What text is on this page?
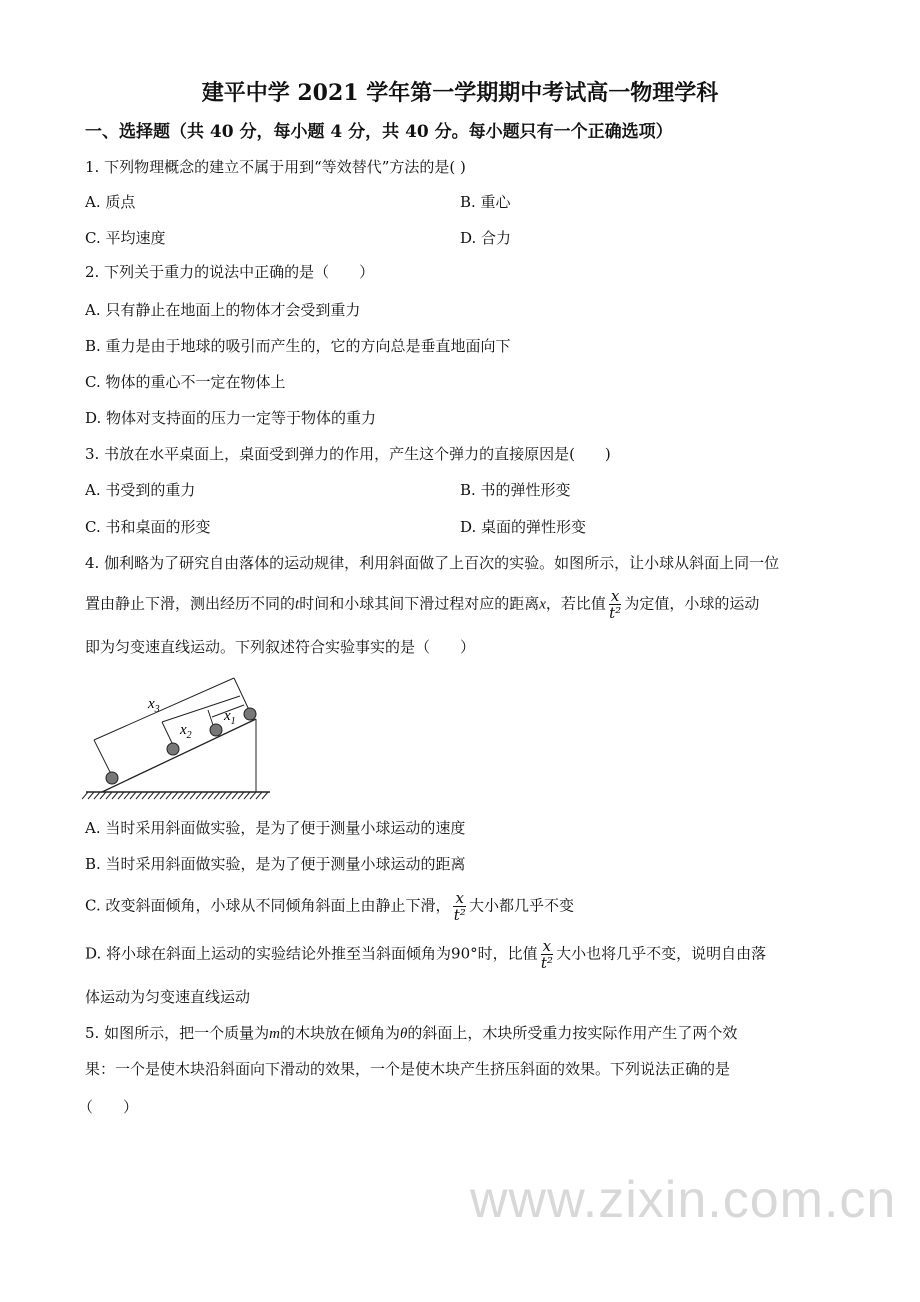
建平中学 2021 学年第一学期期中考试高一物理学科
一、选择题（共 40 分，每小题 4 分，共 40 分。每小题只有一个正确选项）
1. 下列物理概念的建立不属于用到“等效替代”方法的是( )
A. 质点	B. 重心
C. 平均速度	D. 合力
2. 下列关于重力的说法中正确的是（　　）
A. 只有静止在地面上的物体才会受到重力
B. 重力是由于地球的吸引而产生的，它的方向总是垂直地面向下
C. 物体的重心不一定在物体上
D. 物体对支持面的压力一定等于物体的重力
3. 书放在水平桌面上，桌面受到弹力的作用，产生这个弹力的直接原因是(　　)
A. 书受到的重力	B. 书的弹性形变
C. 书和桌面的形变	D. 桌面的弹性形变
4. 伽利略为了研究自由落体的运动规律，利用斜面做了上百次的实验。如图所示，让小球从斜面上同一位
置由静止下滑，测出经历不同的t时间和小球其间下滑过程对应的距离x，若比值 $\frac{x}{\text{t²}}$ 为定值，小球的运动
即为匀变速直线运动。下列叙述符合实验事实的是（　　）
$x_3$
$x_2$
$x_1$
A. 当时采用斜面做实验，是为了便于测量小球运动的速度
B. 当时采用斜面做实验，是为了便于测量小球运动的距离
C. 改变斜面倾角，小球从不同倾角斜面上由静止下滑， $\frac{x}{\text{t²}}$ 大小都几乎不变
D. 将小球在斜面上运动的实验结论外推至当斜面倾角为90°时，比值 $\frac{x}{\text{t²}}$ 大小也将几乎不变，说明自由落
体运动为匀变速直线运动
5. 如图所示，把一个质量为m的木块放在倾角为θ的斜面上，木块所受重力按实际作用产生了两个效
果：一个是使木块沿斜面向下滑动的效果，一个是使木块产生挤压斜面的效果。下列说法正确的是
（　　）
www.zixin.com.cn
